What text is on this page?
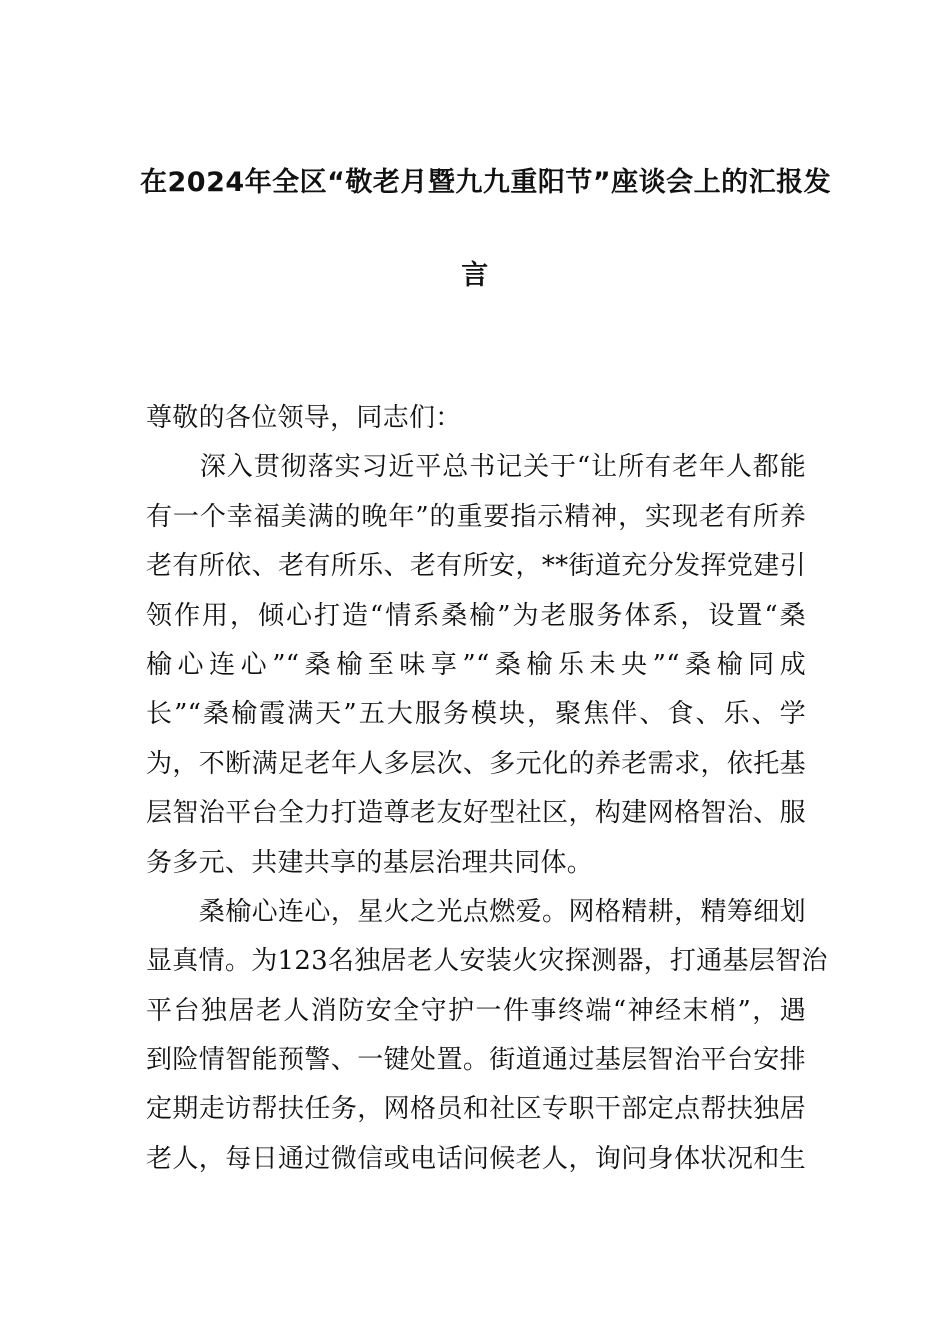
在2024年全区“敬老月暨九九重阳节”座谈会上的汇报发
言
尊敬的各位领导，同志们：
　　深入贯彻落实习近平总书记关于“让所有老年人都能
有一个幸福美满的晚年”的重要指示精神，实现老有所养
老有所依、老有所乐、老有所安，**街道充分发挥党建引
领作用，倾心打造“情系桑榆”为老服务体系，设置“桑
榆心连心”“桑榆至味享”“桑榆乐未央”“桑榆同成
长”“桑榆霞满天”五大服务模块，聚焦伴、食、乐、学
为，不断满足老年人多层次、多元化的养老需求，依托基
层智治平台全力打造尊老友好型社区，构建网格智治、服
务多元、共建共享的基层治理共同体。
　　桑榆心连心，星火之光点燃爱。网格精耕，精筹细划
显真情。为123名独居老人安装火灾探测器，打通基层智治
平台独居老人消防安全守护一件事终端“神经末梢”，遇
到险情智能预警、一键处置。街道通过基层智治平台安排
定期走访帮扶任务，网格员和社区专职干部定点帮扶独居
老人，每日通过微信或电话问候老人，询问身体状况和生
